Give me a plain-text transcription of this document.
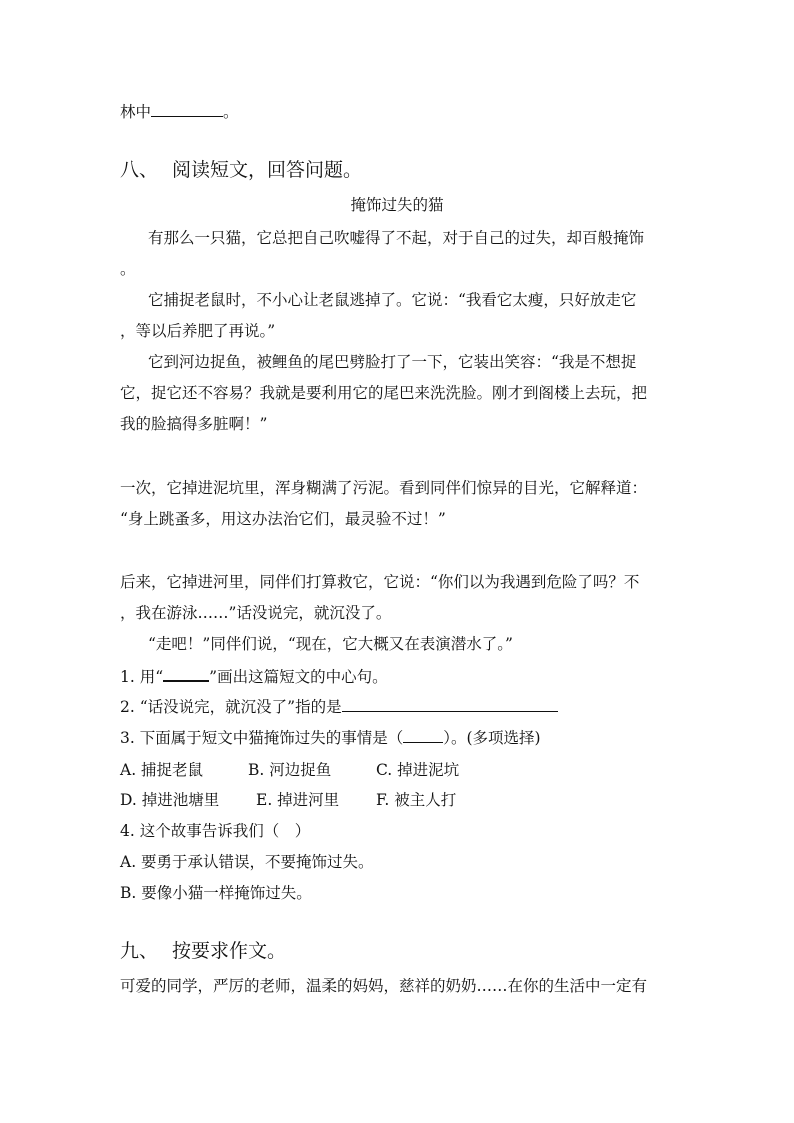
林中	。
八、 阅读短文，回答问题。
掩饰过失的猫
有那么一只猫，它总把自己吹嘘得了不起，对于自己的过失，却百般掩饰
。
它捕捉老鼠时，不小心让老鼠逃掉了。它说：“我看它太瘦，只好放走它
，等以后养肥了再说。”
它到河边捉鱼，被鲤鱼的尾巴劈脸打了一下，它装出笑容：“我是不想捉
它，捉它还不容易？我就是要利用它的尾巴来洗洗脸。刚才到阁楼上去玩，把
我的脸搞得多脏啊！”
一次，它掉进泥坑里，浑身糊满了污泥。看到同伴们惊异的目光，它解释道：
“身上跳蚤多，用这办法治它们，最灵验不过！”
后来，它掉进河里，同伴们打算救它，它说：“你们以为我遇到危险了吗？不
，我在游泳……”话没说完，就沉没了。
“走吧！”同伴们说，“现在，它大概又在表演潜水了。”
1. 用“	”画出这篇短文的中心句。
2. “话没说完，就沉没了”指的是
3. 下面属于短文中猫掩饰过失的事情是（	）。(多项选择)
A. 捕捉老鼠	B. 河边捉鱼	C. 掉进泥坑
D. 掉进池塘里 E. 掉进河里 F. 被主人打
4. 这个故事告诉我们（　）
A. 要勇于承认错误，不要掩饰过失。
B. 要像小猫一样掩饰过失。
九、 按要求作文。
可爱的同学，严厉的老师，温柔的妈妈，慈祥的奶奶……在你的生活中一定有
